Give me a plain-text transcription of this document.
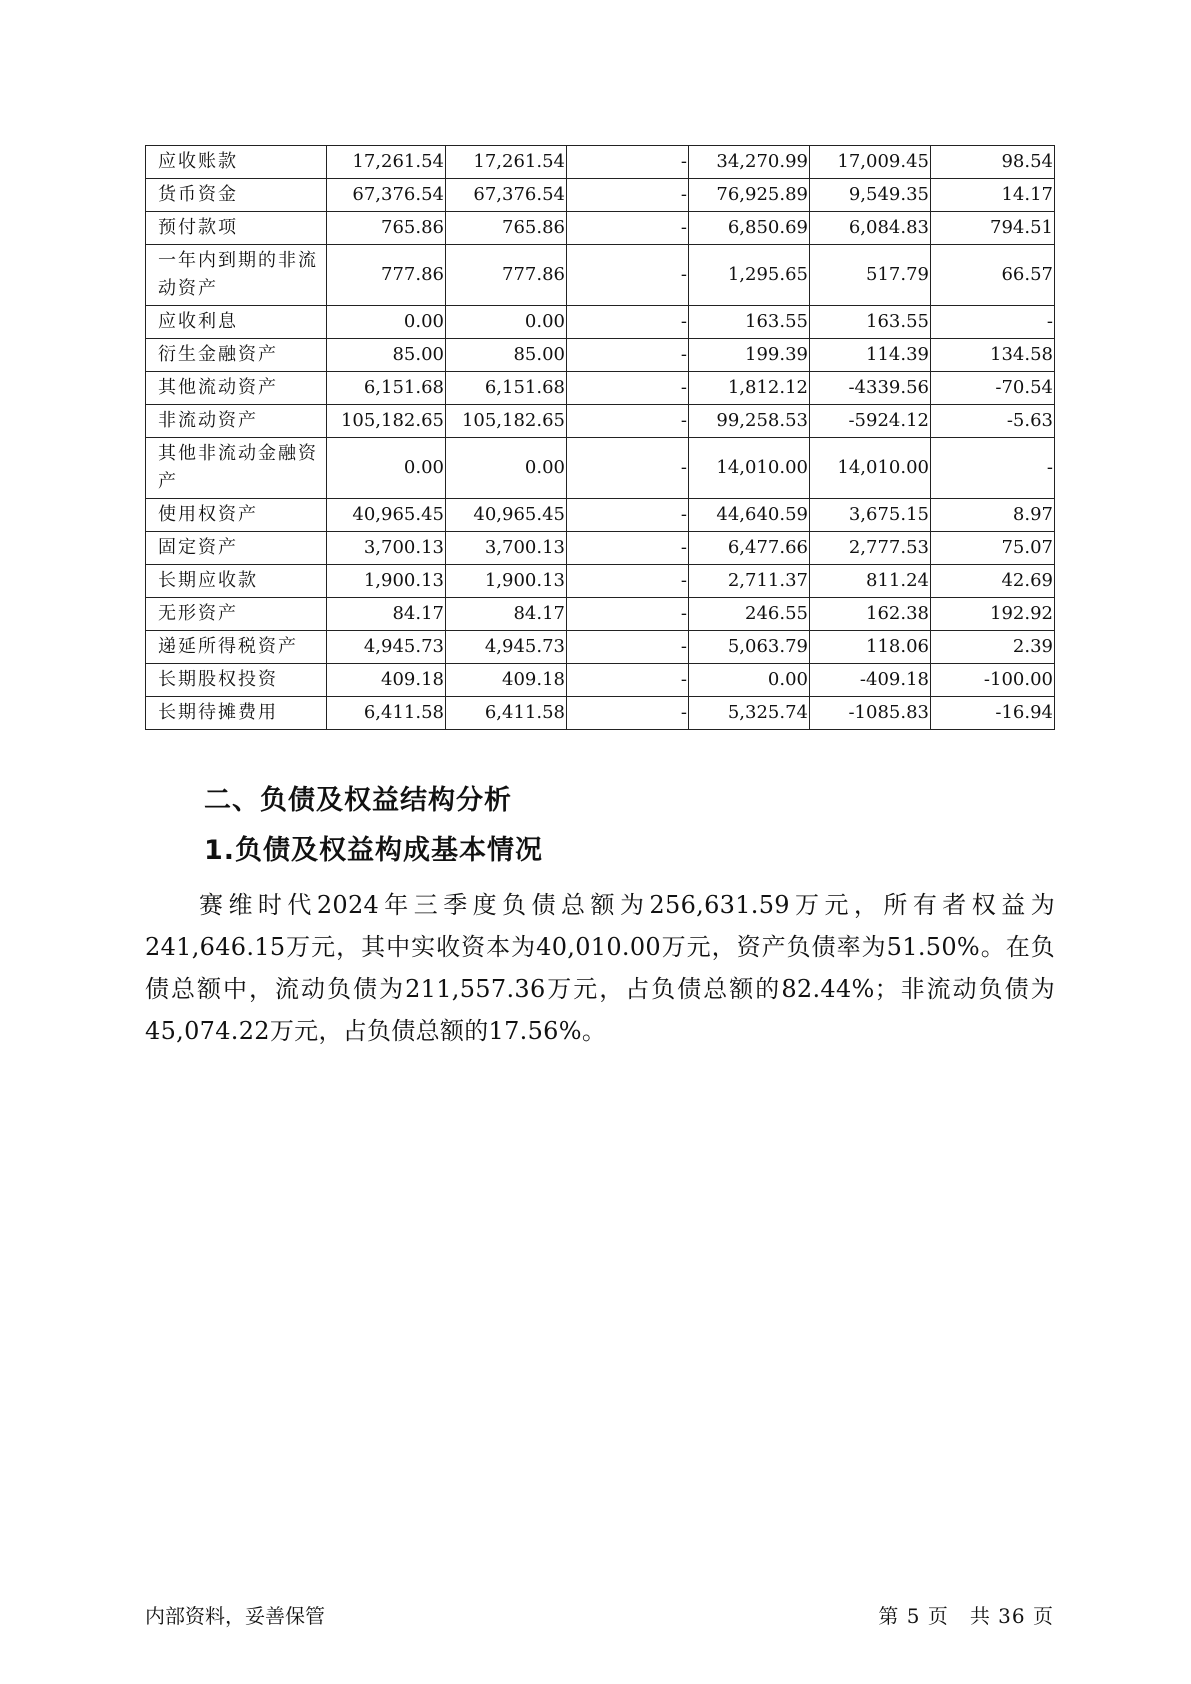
应收账款	17,261.54	17,261.54	-	34,270.99	17,009.45	98.54
货币资金	67,376.54	67,376.54	-	76,925.89	9,549.35	14.17
预付款项	765.86	765.86	-	6,850.69	6,084.83	794.51
一年内到期的非流动资产	777.86	777.86	-	1,295.65	517.79	66.57
应收利息	0.00	0.00	-	163.55	163.55	-
衍生金融资产	85.00	85.00	-	199.39	114.39	134.58
其他流动资产	6,151.68	6,151.68	-	1,812.12	-4339.56	-70.54
非流动资产	105,182.65	105,182.65	-	99,258.53	-5924.12	-5.63
其他非流动金融资产	0.00	0.00	-	14,010.00	14,010.00	-
使用权资产	40,965.45	40,965.45	-	44,640.59	3,675.15	8.97
固定资产	3,700.13	3,700.13	-	6,477.66	2,777.53	75.07
长期应收款	1,900.13	1,900.13	-	2,711.37	811.24	42.69
无形资产	84.17	84.17	-	246.55	162.38	192.92
递延所得税资产	4,945.73	4,945.73	-	5,063.79	118.06	2.39
长期股权投资	409.18	409.18	-	0.00	-409.18	-100.00
长期待摊费用	6,411.58	6,411.58	-	5,325.74	-1085.83	-16.94
二、负债及权益结构分析
1.负债及权益构成基本情况

赛维时代2024年三季度负债总额为256,631.59万元，所有者权益为241,646.15万元，其中实收资本为40,010.00万元，资产负债率为51.50%。在负债总额中，流动负债为211,557.36万元，占负债总额的82.44%；非流动负债为45,074.22万元，占负债总额的17.56%。

内部资料，妥善保管	第 5 页　共 36 页
